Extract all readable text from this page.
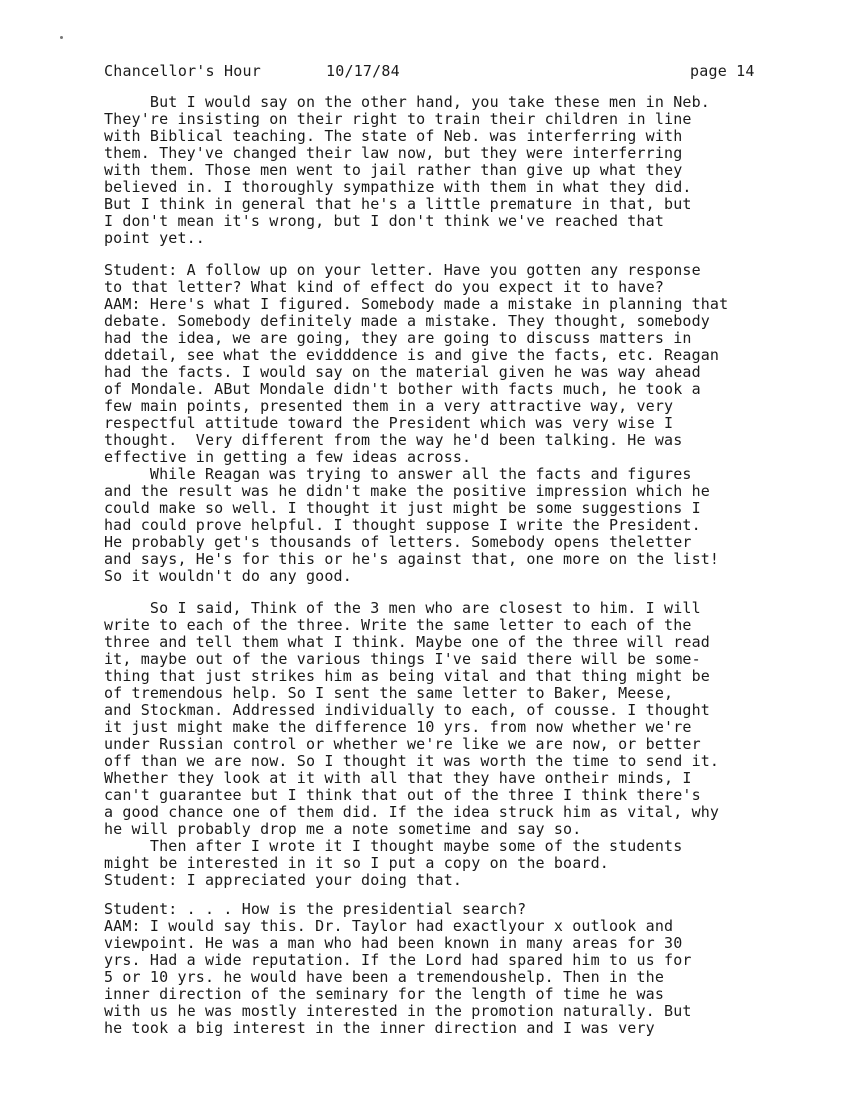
Chancellor's Hour	10/17/84	page 14
But I would say on the other hand, you take these men in Neb.
They're insisting on their right to train their children in line
with Biblical teaching. The state of Neb. was interferring with
them. They've changed their law now, but they were interferring
with them. Those men went to jail rather than give up what they
believed in. I thoroughly sympathize with them in what they did.
But I think in general that he's a little premature in that, but
I don't mean it's wrong, but I don't think we've reached that
point yet..
Student: A follow up on your letter. Have you gotten any response
to that letter? What kind of effect do you expect it to have?
AAM: Here's what I figured. Somebody made a mistake in planning that
debate. Somebody definitely made a mistake. They thought, somebody
had the idea, we are going, they are going to discuss matters in
ddetail, see what the evidddence is and give the facts, etc. Reagan
had the facts. I would say on the material given he was way ahead
of Mondale. ABut Mondale didn't bother with facts much, he took a
few main points, presented them in a very attractive way, very
respectful attitude toward the President which was very wise I
thought.  Very different from the way he'd been talking. He was
effective in getting a few ideas across.
While Reagan was trying to answer all the facts and figures
and the result was he didn't make the positive impression which he
could make so well. I thought it just might be some suggestions I
had could prove helpful. I thought suppose I write the President.
He probably get's thousands of letters. Somebody opens theletter
and says, He's for this or he's against that, one more on the list!
So it wouldn't do any good.
So I said, Think of the 3 men who are closest to him. I will
write to each of the three. Write the same letter to each of the
three and tell them what I think. Maybe one of the three will read
it, maybe out of the various things I've said there will be some-
thing that just strikes him as being vital and that thing might be
of tremendous help. So I sent the same letter to Baker, Meese,
and Stockman. Addressed individually to each, of cousse. I thought
it just might make the difference 10 yrs. from now whether we're
under Russian control or whether we're like we are now, or better
off than we are now. So I thought it was worth the time to send it.
Whether they look at it with all that they have ontheir minds, I
can't guarantee but I think that out of the three I think there's
a good chance one of them did. If the idea struck him as vital, why
he will probably drop me a note sometime and say so.
Then after I wrote it I thought maybe some of the students
might be interested in it so I put a copy on the board.
Student: I appreciated your doing that.
Student: . . . How is the presidential search?
AAM: I would say this. Dr. Taylor had exactlyour x outlook and
viewpoint. He was a man who had been known in many areas for 30
yrs. Had a wide reputation. If the Lord had spared him to us for
5 or 10 yrs. he would have been a tremendoushelp. Then in the
inner direction of the seminary for the length of time he was
with us he was mostly interested in the promotion naturally. But
he took a big interest in the inner direction and I was very
